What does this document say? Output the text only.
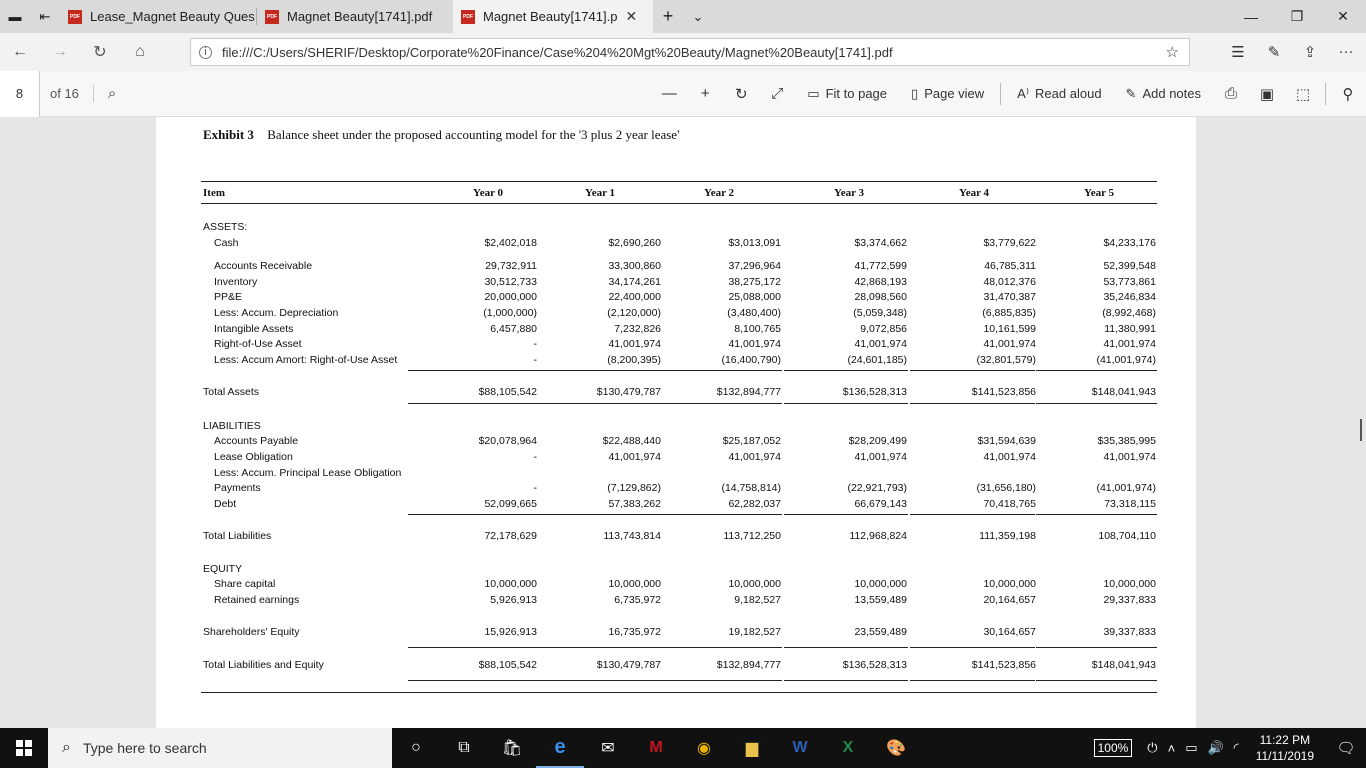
▬	⇤	PDF Lease_Magnet Beauty Ques	PDF Magnet Beauty[1741].pdf	PDF Magnet Beauty[1741].p ✕	+	⌄	—	❐	✕
←	→	↻	⌂	i	file:///C:/Users/SHERIF/Desktop/Corporate%20Finance/Case%204%20Mgt%20Beauty/Magnet%20Beauty[1741].pdf	☆	☰	✎	⇪	···
8	of 16	⌕	—	+	↻	⤢	▭ Fit to page ▯ Page view	A⁾ Read aloud ✎ Add notes	⎙	▣	⬚	⚲
Exhibit 3 Balance sheet under the proposed accounting model for the '3 plus 2 year lease'
Item	Year 0	Year 1	Year 2	Year 3	Year 4	Year 5
ASSETS:
Cash	$2,402,018	$2,690,260	$3,013,091	$3,374,662	$3,779,622	$4,233,176
Accounts Receivable	29,732,911	33,300,860	37,296,964	41,772,599	46,785,311	52,399,548
Inventory	30,512,733	34,174,261	38,275,172	42,868,193	48,012,376	53,773,861
PP&E	20,000,000	22,400,000	25,088,000	28,098,560	31,470,387	35,246,834
Less: Accum. Depreciation	(1,000,000)	(2,120,000)	(3,480,400)	(5,059,348)	(6,885,835)	(8,992,468)
Intangible Assets	6,457,880	7,232,826	8,100,765	9,072,856	10,161,599	11,380,991
Right-of-Use Asset	-	41,001,974	41,001,974	41,001,974	41,001,974	41,001,974
Less: Accum Amort: Right-of-Use Asset	-	(8,200,395)	(16,400,790)	(24,601,185)	(32,801,579)	(41,001,974)
Total Assets	$88,105,542	$130,479,787	$132,894,777	$136,528,313	$141,523,856	$148,041,943
LIABILITIES
Accounts Payable	$20,078,964	$22,488,440	$25,187,052	$28,209,499	$31,594,639	$35,385,995
Lease Obligation	-	41,001,974	41,001,974	41,001,974	41,001,974	41,001,974
Less: Accum. Principal Lease Obligation
Payments	-	(7,129,862)	(14,758,814)	(22,921,793)	(31,656,180)	(41,001,974)
Debt	52,099,665	57,383,262	62,282,037	66,679,143	70,418,765	73,318,115
Total Liabilities	72,178,629	113,743,814	113,712,250	112,968,824	111,359,198	108,704,110
EQUITY
Share capital	10,000,000	10,000,000	10,000,000	10,000,000	10,000,000	10,000,000
Retained earnings	5,926,913	6,735,972	9,182,527	13,559,489	20,164,657	29,337,833
Shareholders' Equity	15,926,913	16,735,972	19,182,527	23,559,489	30,164,657	39,337,833
Total Liabilities and Equity	$88,105,542	$130,479,787	$132,894,777	$136,528,313	$141,523,856	$148,041,943
⌕ Type here to search	○	⧉	🛍	e	✉	M	◉	▆	W	X	🎨	100%	⏻ ˄ ▭ 🔊 ◜	11:22 PM
11/11/2019	🗨
